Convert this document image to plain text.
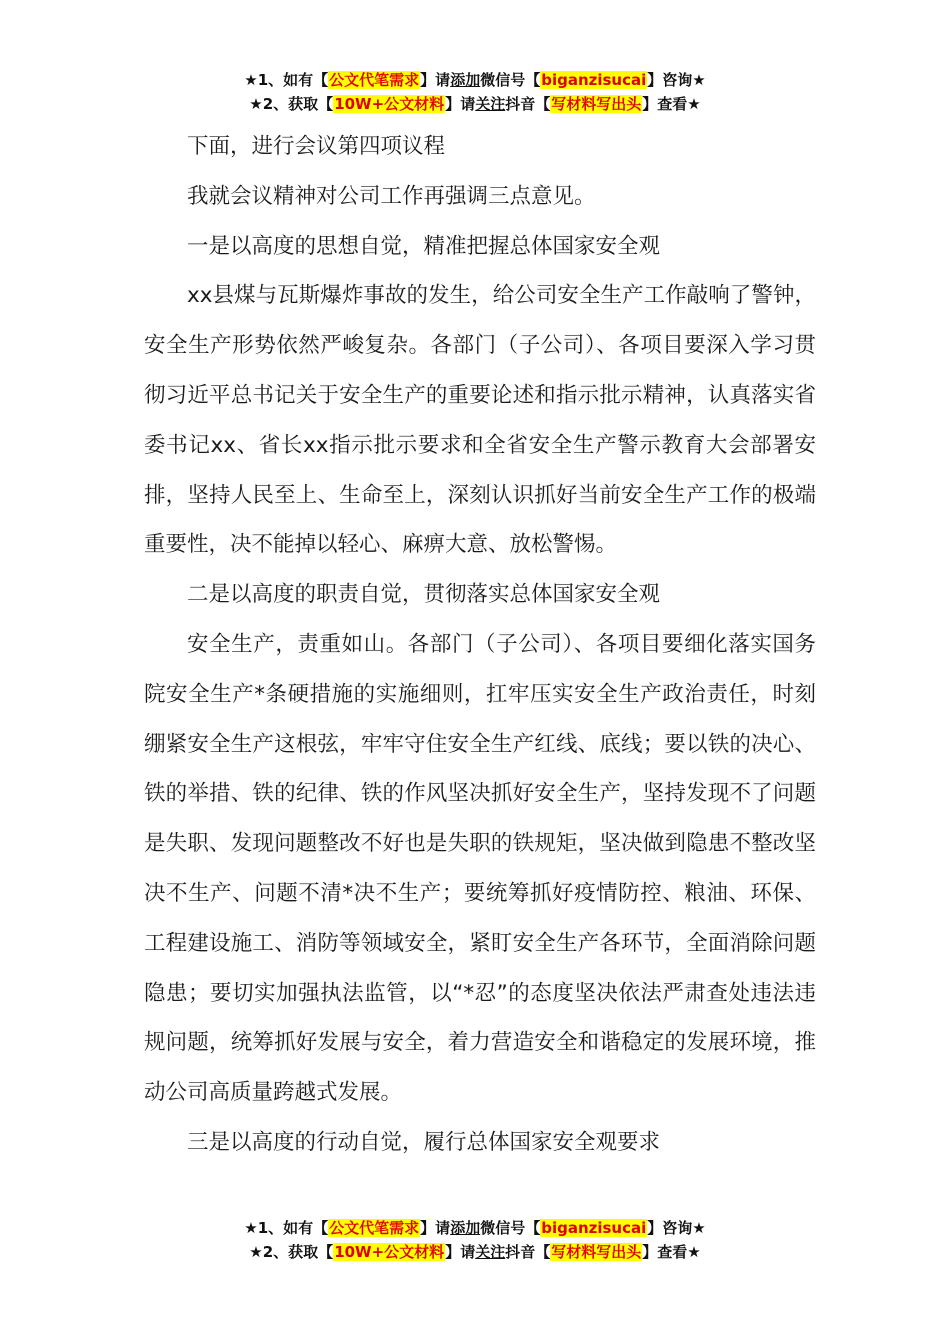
★1、如有【公文代笔需求】请添加微信号【biganzisucai】咨询★
★2、获取【10W+公文材料】请关注抖音【写材料写出头】查看★

下面，进行会议第四项议程

我就会议精神对公司工作再强调三点意见。

一是以高度的思想自觉，精准把握总体国家安全观

xx县煤与瓦斯爆炸事故的发生，给公司安全生产工作敲响了警钟，安全生产形势依然严峻复杂。各部门（子公司）、各项目要深入学习贯彻习近平总书记关于安全生产的重要论述和指示批示精神，认真落实省委书记xx、省长xx指示批示要求和全省安全生产警示教育大会部署安排，坚持人民至上、生命至上，深刻认识抓好当前安全生产工作的极端重要性，决不能掉以轻心、麻痹大意、放松警惕。

二是以高度的职责自觉，贯彻落实总体国家安全观

安全生产，责重如山。各部门（子公司）、各项目要细化落实国务院安全生产*条硬措施的实施细则，扛牢压实安全生产政治责任，时刻绷紧安全生产这根弦，牢牢守住安全生产红线、底线；要以铁的决心、铁的举措、铁的纪律、铁的作风坚决抓好安全生产，坚持发现不了问题是失职、发现问题整改不好也是失职的铁规矩，坚决做到隐患不整改坚决不生产、问题不清*决不生产；要统筹抓好疫情防控、粮油、环保、工程建设施工、消防等领域安全，紧盯安全生产各环节，全面消除问题隐患；要切实加强执法监管，以“*忍”的态度坚决依法严肃查处违法违规问题，统筹抓好发展与安全，着力营造安全和谐稳定的发展环境，推动公司高质量跨越式发展。

三是以高度的行动自觉，履行总体国家安全观要求

★1、如有【公文代笔需求】请添加微信号【biganzisucai】咨询★
★2、获取【10W+公文材料】请关注抖音【写材料写出头】查看★
